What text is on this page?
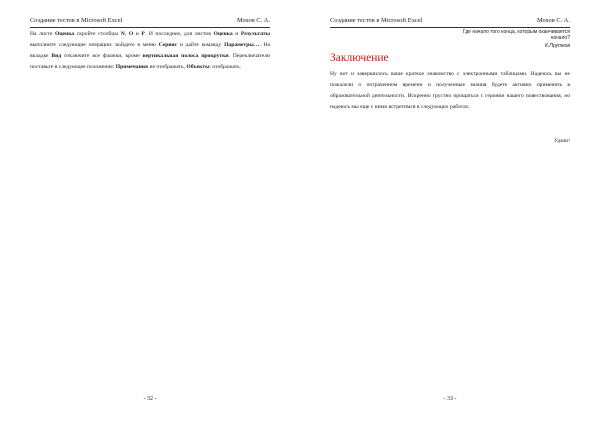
Создание тестов в Microsoft Excel	Мохов С. А.

На листе Оценка скройте столбцы N, O и P. И последнее, для листов Оценка и Результаты выполните следующие операции: войдите в меню Сервис и дайте команду Параметры…. На вкладке Вид отключите все флажки, кроме вертикальная полоса прокрутки. Переключатели поставьте в следующее положение: Примечания не отображать, Объекты: отображать.

- 32 -
Создание тестов в Microsoft Excel	Мохов С. А.
Где начало того конца, которым оканчивается начало?
К.Прутков
Заключение

Ну вот и завершилось ваше краткое знакомство с электронными таблицами. Надеюсь вы не пожалели о потраченном времени и полученные знания будете активно применять в образовательной деятельности. Искренно грустно прощаться с героями нашего повествования, но надеюсь мы еще с ними встретимся в следующих работах.

Удачи!
- 33 -
